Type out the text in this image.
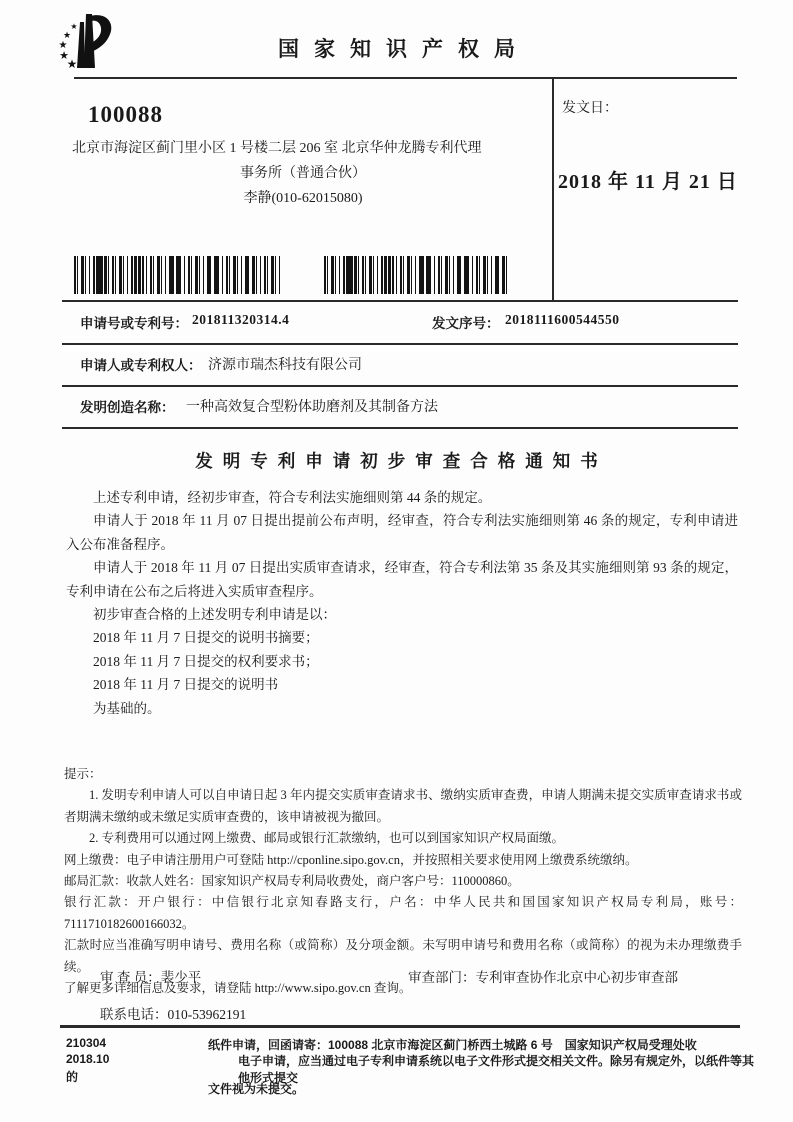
★
★
★
★
★
国家知识产权局
100088
北京市海淀区蓟门里小区 1 号楼二层 206 室 北京华仲龙腾专利代理
事务所（普通合伙）
李静(010-62015080)
发文日：
2018 年 11 月 21 日
申请号或专利号： 201811320314.4	发文序号： 2018111600544550
申请人或专利权人： 济源市瑞杰科技有限公司
发明创造名称： 一种高效复合型粉体助磨剂及其制备方法
发明专利申请初步审查合格通知书

上述专利申请，经初步审查，符合专利法实施细则第 44 条的规定。

申请人于 2018 年 11 月 07 日提出提前公布声明，经审查，符合专利法实施细则第 46 条的规定，专利申请进入公布准备程序。

申请人于 2018 年 11 月 07 日提出实质审查请求，经审查，符合专利法第 35 条及其实施细则第 93 条的规定，专利申请在公布之后将进入实质审查程序。

初步审查合格的上述发明专利申请是以：

2018 年 11 月 7 日提交的说明书摘要；

2018 年 11 月 7 日提交的权利要求书；

2018 年 11 月 7 日提交的说明书

为基础的。

提示：

1. 发明专利申请人可以自申请日起 3 年内提交实质审查请求书、缴纳实质审查费，申请人期满未提交实质审查请求书或者期满未缴纳或未缴足实质审查费的，该申请被视为撤回。

2. 专利费用可以通过网上缴费、邮局或银行汇款缴纳，也可以到国家知识产权局面缴。

网上缴费：电子申请注册用户可登陆 http://cponline.sipo.gov.cn，并按照相关要求使用网上缴费系统缴纳。

邮局汇款：收款人姓名：国家知识产权局专利局收费处，商户客户号：110000860。

银行汇款：开户银行：中信银行北京知春路支行，户名：中华人民共和国国家知识产权局专利局，账号： 7111710182600166032。

汇款时应当准确写明申请号、费用名称（或简称）及分项金额。未写明申请号和费用名称（或简称）的视为未办理缴费手续。

了解更多详细信息及要求，请登陆 http://www.sipo.gov.cn 查询。

审 查 员：裴少平	审查部门：专利审查协作北京中心初步审查部
联系电话：010-53962191
210304
2018.10
的
纸件申请，回函请寄：100088 北京市海淀区蓟门桥西土城路 6 号　国家知识产权局受理处收
电子申请，应当通过电子专利申请系统以电子文件形式提交相关文件。除另有规定外，以纸件等其他形式提交
文件视为未提交。
